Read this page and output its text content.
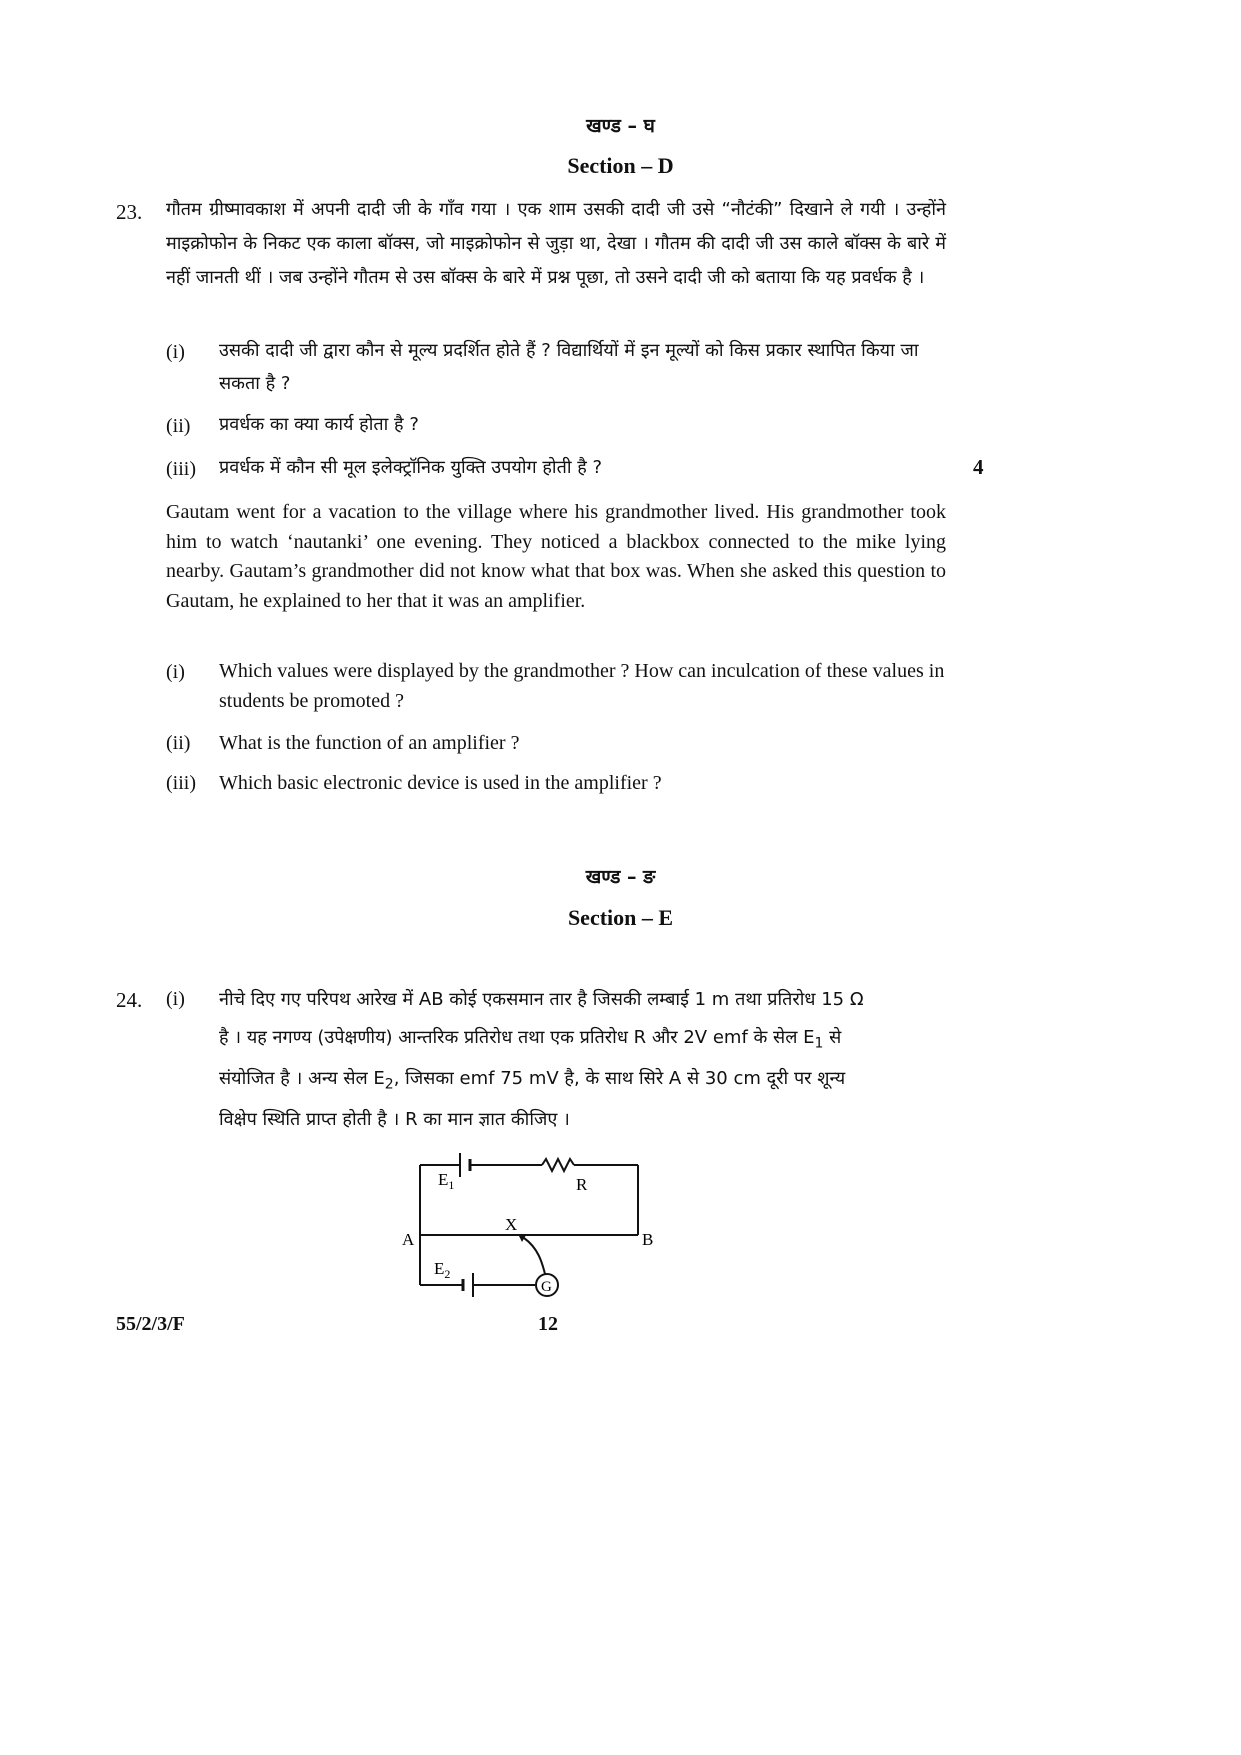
खण्ड – घ
Section – D
23. गौतम ग्रीष्मावकाश में अपनी दादी जी के गाँव गया । एक शाम उसकी दादी जी उसे “नौटंकी” दिखाने ले गयी । उन्होंने माइक्रोफोन के निकट एक काला बॉक्स, जो माइक्रोफोन से जुड़ा था, देखा । गौतम की दादी जी उस काले बॉक्स के बारे में नहीं जानती थीं । जब उन्होंने गौतम से उस बॉक्स के बारे में प्रश्न पूछा, तो उसने दादी जी को बताया कि यह प्रवर्धक है ।
(i) उसकी दादी जी द्वारा कौन से मूल्य प्रदर्शित होते हैं ? विद्यार्थियों में इन मूल्यों को किस प्रकार स्थापित किया जा सकता है ?
(ii) प्रवर्धक का क्या कार्य होता है ?
(iii) प्रवर्धक में कौन सी मूल इलेक्ट्रॉनिक युक्ति उपयोग होती है ?	4
Gautam went for a vacation to the village where his grandmother lived. His grandmother took him to watch ‘nautanki’ one evening. They noticed a blackbox connected to the mike lying nearby. Gautam’s grandmother did not know what that box was. When she asked this question to Gautam, he explained to her that it was an amplifier.
(i) Which values were displayed by the grandmother ? How can inculcation of these values in students be promoted ?
(ii) What is the function of an amplifier ?
(iii) Which basic electronic device is used in the amplifier ?
खण्ड – ङ
Section – E
24. (i) नीचे दिए गए परिपथ आरेख में AB कोई एकसमान तार है जिसकी लम्बाई 1 m तथा प्रतिरोध 15 Ω
है । यह नगण्य (उपेक्षणीय) आन्तरिक प्रतिरोध तथा एक प्रतिरोध R और 2V emf के सेल $E_1$ से
संयोजित है । अन्य सेल $E_2$, जिसका emf 75 mV है, के साथ सिरे A से 30 cm दूरी पर शून्य
विक्षेप स्थिति प्राप्त होती है । R का मान ज्ञात कीजिए ।
$E_1$	R
X
A	B
$E_2$
G
55/2/3/F	12
